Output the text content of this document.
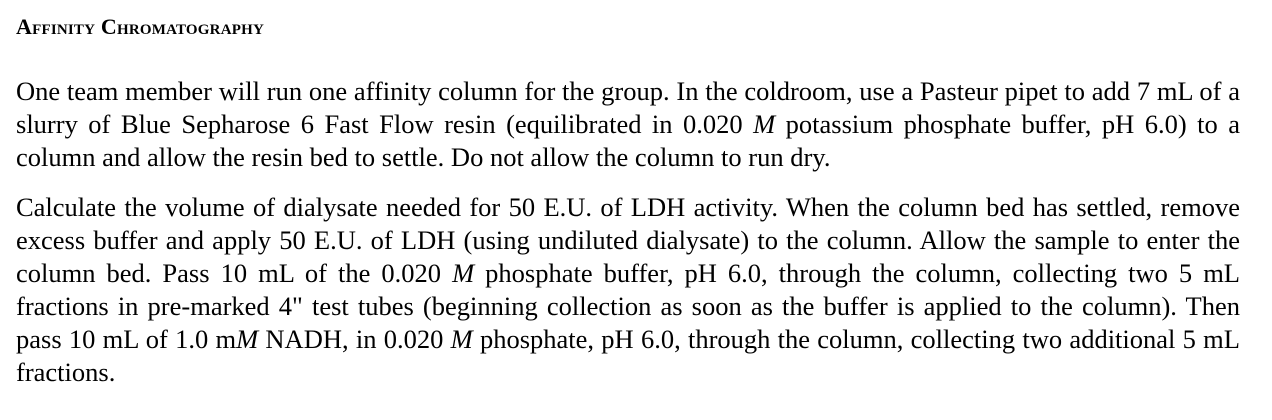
Affinity Chromatography

One team member will run one affinity column for the group. In the coldroom, use a Pasteur pipet to add 7 mL of a slurry of Blue Sepharose 6 Fast Flow resin (equilibrated in 0.020 M potassium phosphate buffer, pH 6.0) to a column and allow the resin bed to settle. Do not allow the column to run dry.

Calculate the volume of dialysate needed for 50 E.U. of LDH activity. When the column bed has settled, remove excess buffer and apply 50 E.U. of LDH (using undiluted dialysate) to the column. Allow the sample to enter the column bed. Pass 10 mL of the 0.020 M phosphate buffer, pH 6.0, through the column, collecting two 5 mL fractions in pre-marked 4" test tubes (beginning collection as soon as the buffer is applied to the column). Then pass 10 mL of 1.0 mM NADH, in 0.020 M phosphate, pH 6.0, through the column, collecting two additional 5 mL fractions.
